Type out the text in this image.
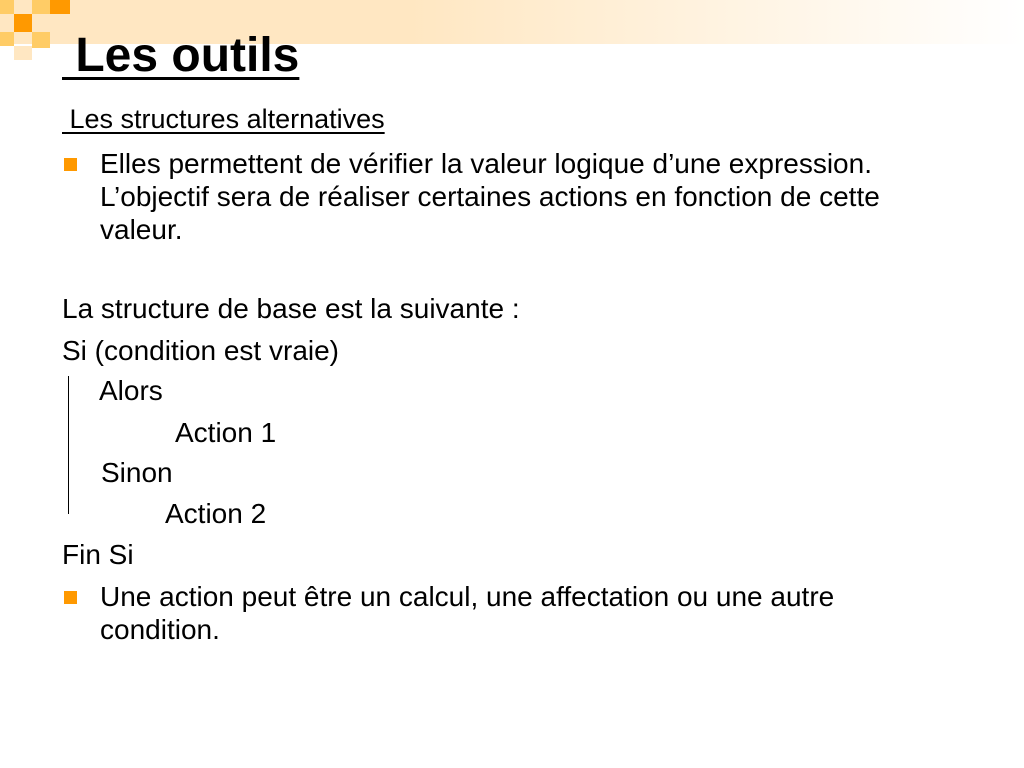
Les outils
Les structures alternatives
Elles permettent de vérifier la valeur logique d’une expression. L’objectif sera de réaliser certaines actions en fonction de cette valeur.
La structure de base est la suivante :
Si (condition est vraie)
Alors
Action 1
Sinon
Action 2
Fin Si
Une action peut être un calcul, une affectation ou une autre condition.
